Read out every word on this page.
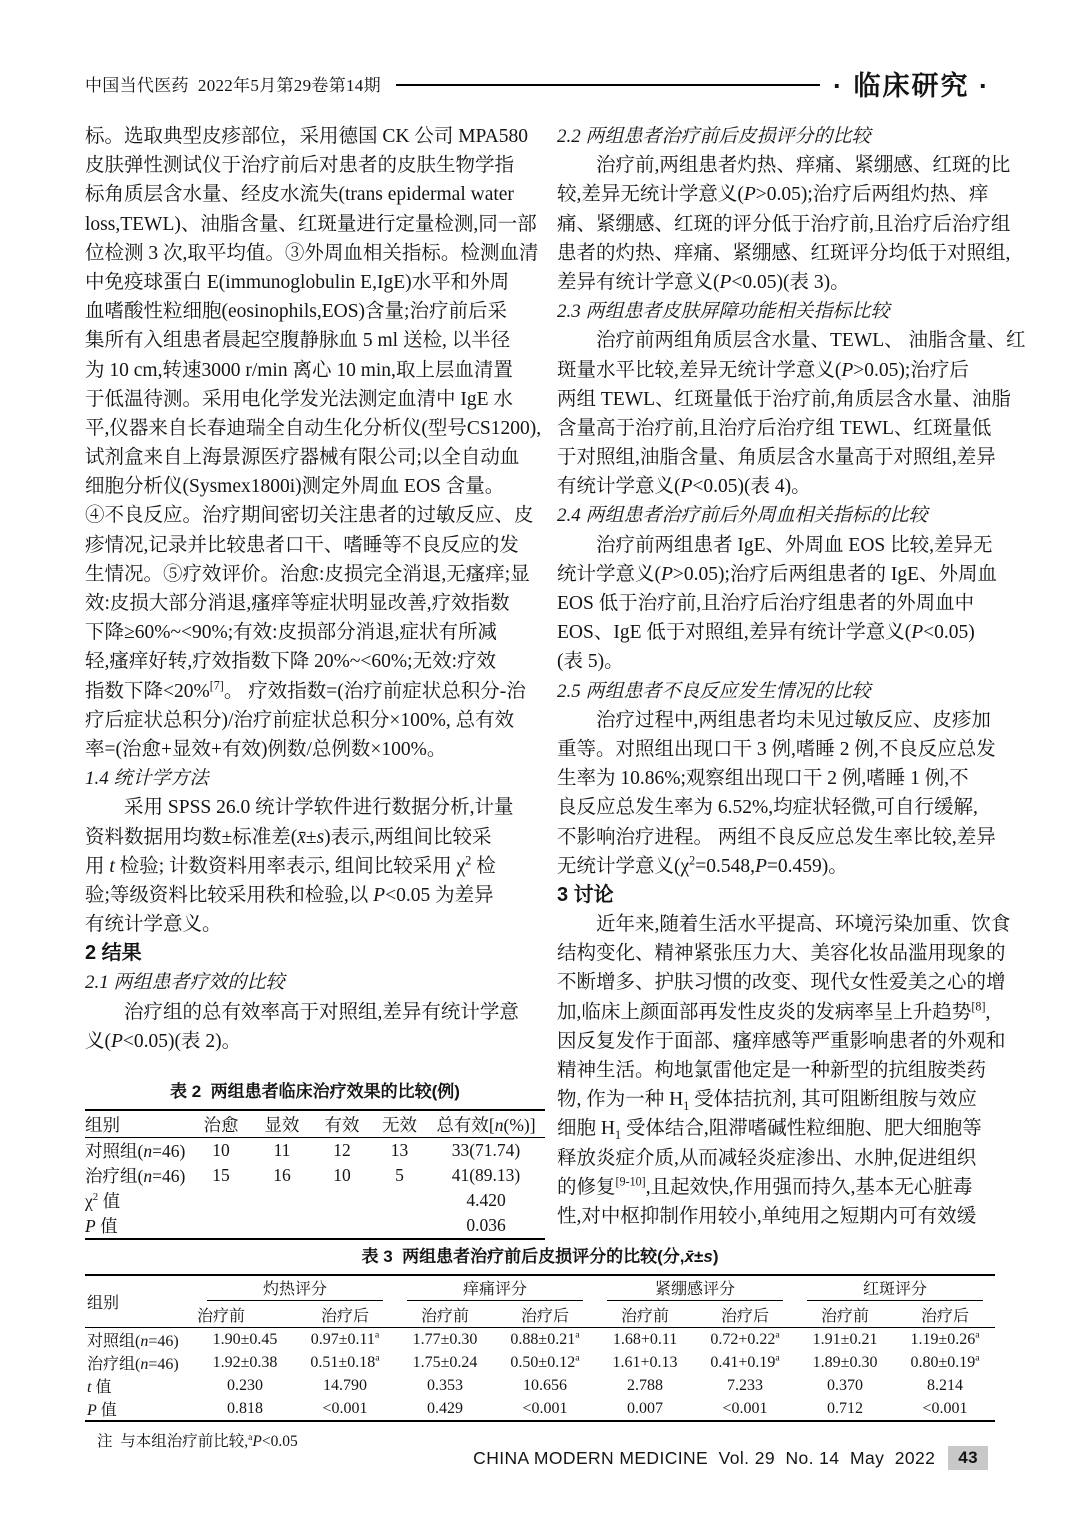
中国当代医药  2022年5月第29卷第14期	· 临床研究 ·
标。选取典型皮疹部位，采用德国 CK 公司 MPA580
皮肤弹性测试仪于治疗前后对患者的皮肤生物学指
标角质层含水量、经皮水流失(trans epidermal water
loss,TEWL)、油脂含量、红斑量进行定量检测,同一部
位检测 3 次,取平均值。③外周血相关指标。检测血清
中免疫球蛋白 E(immunoglobulin E,IgE)水平和外周
血嗜酸性粒细胞(eosinophils,EOS)含量;治疗前后采
集所有入组患者晨起空腹静脉血 5 ml 送检, 以半径
为 10 cm,转速3000 r/min 离心 10 min,取上层血清置
于低温待测。采用电化学发光法测定血清中 IgE 水
平,仪器来自长春迪瑞全自动生化分析仪(型号CS1200),
试剂盒来自上海景源医疗器械有限公司;以全自动血
细胞分析仪(Sysmex1800i)测定外周血 EOS 含量。
④不良反应。治疗期间密切关注患者的过敏反应、皮
疹情况,记录并比较患者口干、嗜睡等不良反应的发
生情况。⑤疗效评价。治愈:皮损完全消退,无瘙痒;显
效:皮损大部分消退,瘙痒等症状明显改善,疗效指数
下降≥60%~<90%;有效:皮损部分消退,症状有所减
轻,瘙痒好转,疗效指数下降 20%~<60%;无效:疗效
指数下降<20%[7]。 疗效指数=(治疗前症状总积分-治
疗后症状总积分)/治疗前症状总积分×100%, 总有效
率=(治愈+显效+有效)例数/总例数×100%。
1.4 统计学方法
采用 SPSS 26.0 统计学软件进行数据分析,计量
资料数据用均数±标准差(x̄±s)表示,两组间比较采
用 t 检验; 计数资料用率表示, 组间比较采用 $\chi^2$ 检
验;等级资料比较采用秩和检验,以 P<0.05 为差异
有统计学意义。
2 结果
2.1 两组患者疗效的比较
治疗组的总有效率高于对照组,差异有统计学意
义(P<0.05)(表 2)。
表 2  两组患者临床治疗效果的比较(例)
组别	治愈	显效	有效	无效	总有效[n(%)]
对照组(n=46)	10	11	12	13	33(71.74)
治疗组(n=46)	15	16	10	5	41(89.13)
$\chi^2$ 值					4.420
P 值					0.036
2.2 两组患者治疗前后皮损评分的比较
治疗前,两组患者灼热、痒痛、紧绷感、红斑的比
较,差异无统计学意义(P>0.05);治疗后两组灼热、痒
痛、紧绷感、红斑的评分低于治疗前,且治疗后治疗组
患者的灼热、痒痛、紧绷感、红斑评分均低于对照组,
差异有统计学意义(P<0.05)(表 3)。
2.3 两组患者皮肤屏障功能相关指标比较
治疗前两组角质层含水量、TEWL、 油脂含量、红
斑量水平比较,差异无统计学意义(P>0.05);治疗后
两组 TEWL、红斑量低于治疗前,角质层含水量、油脂
含量高于治疗前,且治疗后治疗组 TEWL、红斑量低
于对照组,油脂含量、角质层含水量高于对照组,差异
有统计学意义(P<0.05)(表 4)。
2.4 两组患者治疗前后外周血相关指标的比较
治疗前两组患者 IgE、外周血 EOS 比较,差异无
统计学意义(P>0.05);治疗后两组患者的 IgE、外周血
EOS 低于治疗前,且治疗后治疗组患者的外周血中
EOS、IgE 低于对照组,差异有统计学意义(P<0.05)
(表 5)。
2.5 两组患者不良反应发生情况的比较
治疗过程中,两组患者均未见过敏反应、皮疹加
重等。对照组出现口干 3 例,嗜睡 2 例,不良反应总发
生率为 10.86%;观察组出现口干 2 例,嗜睡 1 例,不
良反应总发生率为 6.52%,均症状轻微,可自行缓解,
不影响治疗进程。 两组不良反应总发生率比较,差异
无统计学意义$(\chi^2=0.548,P=0.459)$。
3 讨论
近年来,随着生活水平提高、环境污染加重、饮食
结构变化、精神紧张压力大、美容化妆品滥用现象的
不断增多、护肤习惯的改变、现代女性爱美之心的增
加,临床上颜面部再发性皮炎的发病率呈上升趋势[8],
因反复发作于面部、瘙痒感等严重影响患者的外观和
精神生活。枸地氯雷他定是一种新型的抗组胺类药
物, 作为一种 $H_1$ 受体拮抗剂, 其可阻断组胺与效应
细胞 $H_1$ 受体结合,阻滞嗜碱性粒细胞、肥大细胞等
释放炎症介质,从而减轻炎症渗出、水肿,促进组织
的修复[9-10],且起效快,作用强而持久,基本无心脏毒
性,对中枢抑制作用较小,单纯用之短期内可有效缓
表 3  两组患者治疗前后皮损评分的比较(分,x̄±s)
组别	灼热评分		痒痛评分		紧绷感评分		红斑评分	

	治疗前	治疗后	治疗前	治疗后	治疗前	治疗后	治疗前	治疗后
对照组(n=46)	1.90±0.45	0.97±0.11$^a$	1.77±0.30	0.88±0.21$^a$	1.68+0.11	0.72+0.22$^a$	1.91±0.21	1.19±0.26$^a$
治疗组(n=46)	1.92±0.38	0.51±0.18$^a$	1.75±0.24	0.50±0.12$^a$	1.61+0.13	0.41+0.19$^a$	1.89±0.30	0.80±0.19$^a$
t 值	0.230	14.790	0.353	10.656	2.788	7.233	0.370	8.214
P 值	0.818	<0.001	0.429	<0.001	0.007	<0.001	0.712	<0.001
注 与本组治疗前比较,$^a$P<0.05
CHINA MODERN MEDICINE  Vol. 29  No. 14  May  2022	43
